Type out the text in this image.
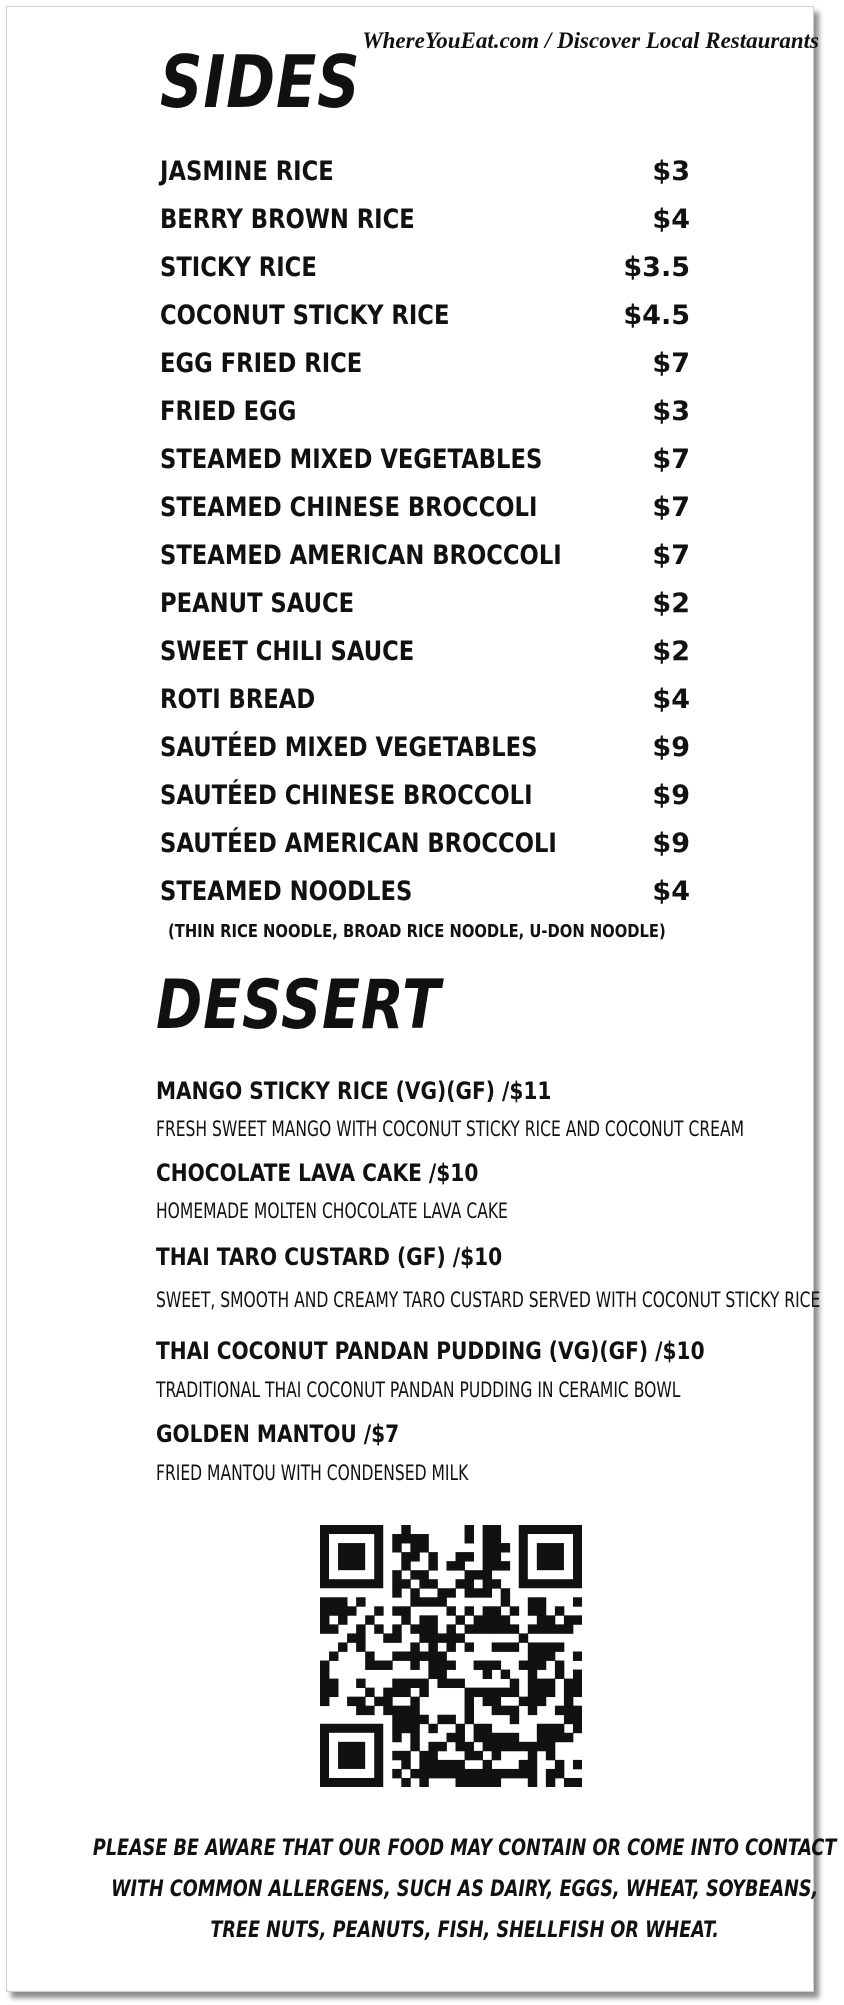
WhereYouEat.com / Discover Local Restaurants
SIDES
JASMINE RICE	$3
BERRY BROWN RICE	$4
STICKY RICE	$3.5
COCONUT STICKY RICE	$4.5
EGG FRIED RICE	$7
FRIED EGG	$3
STEAMED MIXED VEGETABLES	$7
STEAMED CHINESE BROCCOLI	$7
STEAMED AMERICAN BROCCOLI	$7
PEANUT SAUCE	$2
SWEET CHILI SAUCE	$2
ROTI BREAD	$4
SAUTÉED MIXED VEGETABLES	$9
SAUTÉED CHINESE BROCCOLI	$9
SAUTÉED AMERICAN BROCCOLI	$9
STEAMED NOODLES	$4
(THIN RICE NOODLE, BROAD RICE NOODLE, U-DON NOODLE)
DESSERT
MANGO STICKY RICE (VG)(GF) /$11
FRESH SWEET MANGO WITH COCONUT STICKY RICE AND COCONUT CREAM
CHOCOLATE LAVA CAKE /$10
HOMEMADE MOLTEN CHOCOLATE LAVA CAKE
THAI TARO CUSTARD (GF) /$10
SWEET, SMOOTH AND CREAMY TARO CUSTARD SERVED WITH COCONUT STICKY RICE
THAI COCONUT PANDAN PUDDING (VG)(GF) /$10
TRADITIONAL THAI COCONUT PANDAN PUDDING IN CERAMIC BOWL
GOLDEN MANTOU /$7
FRIED MANTOU WITH CONDENSED MILK
PLEASE BE AWARE THAT OUR FOOD MAY CONTAIN OR COME INTO CONTACT
WITH COMMON ALLERGENS, SUCH AS DAIRY, EGGS, WHEAT, SOYBEANS,
TREE NUTS, PEANUTS, FISH, SHELLFISH OR WHEAT.
